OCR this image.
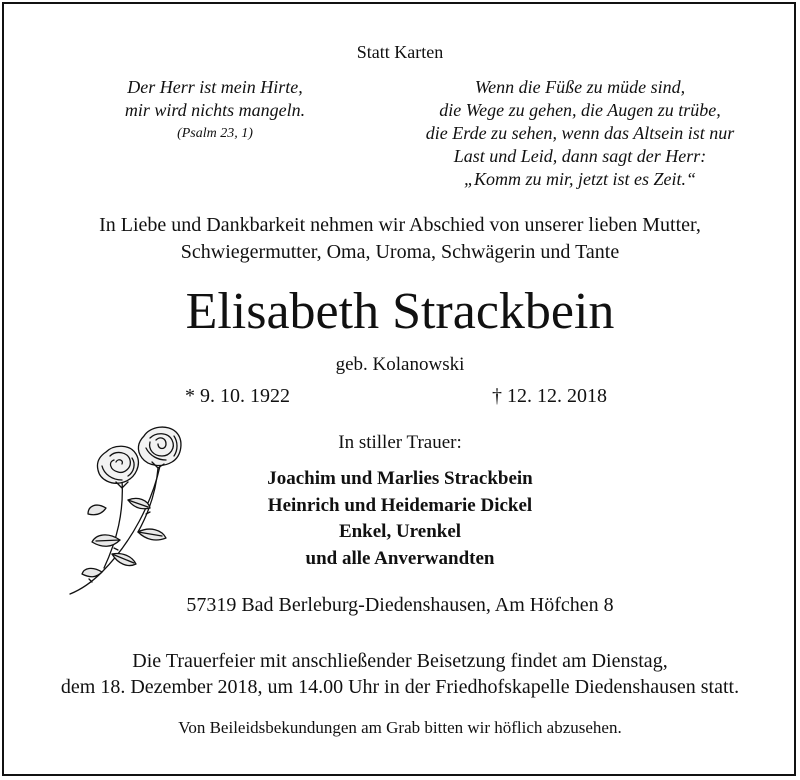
Statt Karten
Der Herr ist mein Hirte,
mir wird nichts mangeln.
(Psalm 23, 1)
Wenn die Füße zu müde sind,
die Wege zu gehen, die Augen zu trübe,
die Erde zu sehen, wenn das Altsein ist nur
Last und Leid, dann sagt der Herr:
„Komm zu mir, jetzt ist es Zeit.“
In Liebe und Dankbarkeit nehmen wir Abschied von unserer lieben Mutter,
Schwiegermutter, Oma, Uroma, Schwägerin und Tante
Elisabeth Strackbein
geb. Kolanowski
* 9. 10. 1922	† 12. 12. 2018
In stiller Trauer:
Joachim und Marlies Strackbein
Heinrich und Heidemarie Dickel
Enkel, Urenkel
und alle Anverwandten
57319 Bad Berleburg-Diedenshausen, Am Höfchen 8
Die Trauerfeier mit anschließender Beisetzung findet am Dienstag,
dem 18. Dezember 2018, um 14.00 Uhr in der Friedhofskapelle Diedenshausen statt.
Von Beileidsbekundungen am Grab bitten wir höflich abzusehen.
